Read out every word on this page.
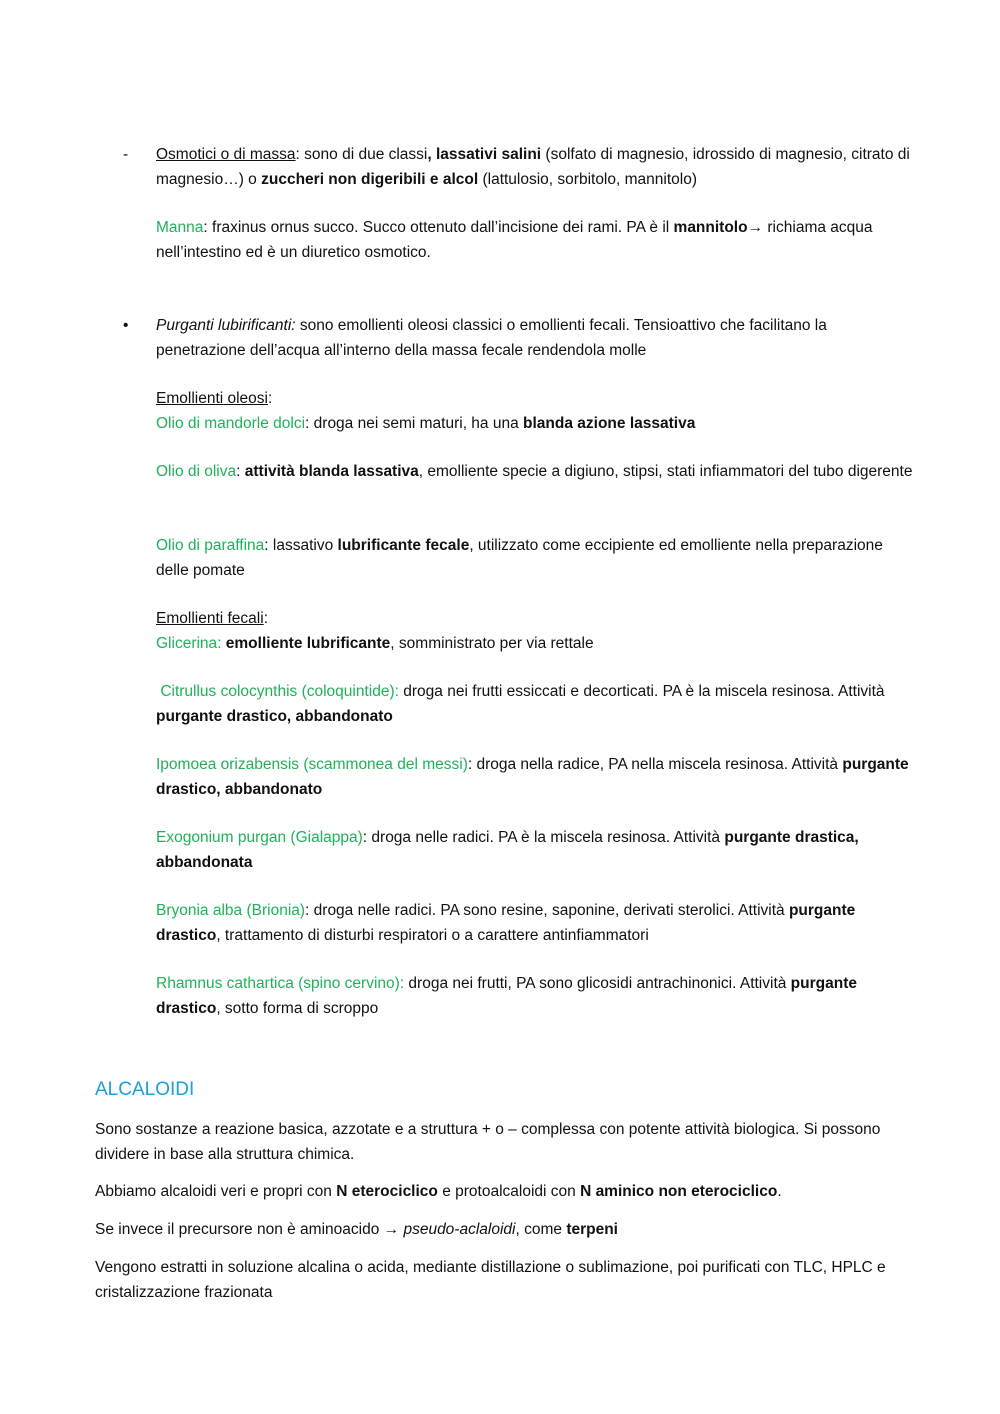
- Osmotici o di massa: sono di due classi, lassativi salini (solfato di magnesio, idrossido di magnesio, citrato di magnesio…) o zuccheri non digeribili e alcol (lattulosio, sorbitolo, mannitolo)
Manna: fraxinus ornus succo. Succo ottenuto dall’incisione dei rami. PA è il mannitolo→ richiama acqua nell’intestino ed è un diuretico osmotico.
• Purganti lubirificanti: sono emollienti oleosi classici o emollienti fecali. Tensioattivo che facilitano la penetrazione dell’acqua all’interno della massa fecale rendendola molle
Emollienti oleosi:
Olio di mandorle dolci: droga nei semi maturi, ha una blanda azione lassativa
Olio di oliva: attività blanda lassativa, emolliente specie a digiuno, stipsi, stati infiammatori del tubo digerente
Olio di paraffina: lassativo lubrificante fecale, utilizzato come eccipiente ed emolliente nella preparazione delle pomate
Emollienti fecali:
Glicerina: emolliente lubrificante, somministrato per via rettale
Citrullus colocynthis (coloquintide): droga nei frutti essiccati e decorticati. PA è la miscela resinosa. Attività purgante drastico, abbandonato
Ipomoea orizabensis (scammonea del messi): droga nella radice, PA nella miscela resinosa. Attività purgante drastico, abbandonato
Exogonium purgan (Gialappa): droga nelle radici. PA è la miscela resinosa. Attività purgante drastica, abbandonata
Bryonia alba (Brionia): droga nelle radici. PA sono resine, saponine, derivati sterolici. Attività purgante drastico, trattamento di disturbi respiratori o a carattere antinfiammatori
Rhamnus cathartica (spino cervino): droga nei frutti, PA sono glicosidi antrachinonici. Attività purgante drastico, sotto forma di scroppo
ALCALOIDI
Sono sostanze a reazione basica, azzotate e a struttura + o – complessa con potente attività biologica. Si possono dividere in base alla struttura chimica.
Abbiamo alcaloidi veri e propri con N eterociclico e protoalcaloidi con N aminico non eterociclico.
Se invece il precursore non è aminoacido → pseudo-aclaloidi, come terpeni
Vengono estratti in soluzione alcalina o acida, mediante distillazione o sublimazione, poi purificati con TLC, HPLC e cristalizzazione frazionata
